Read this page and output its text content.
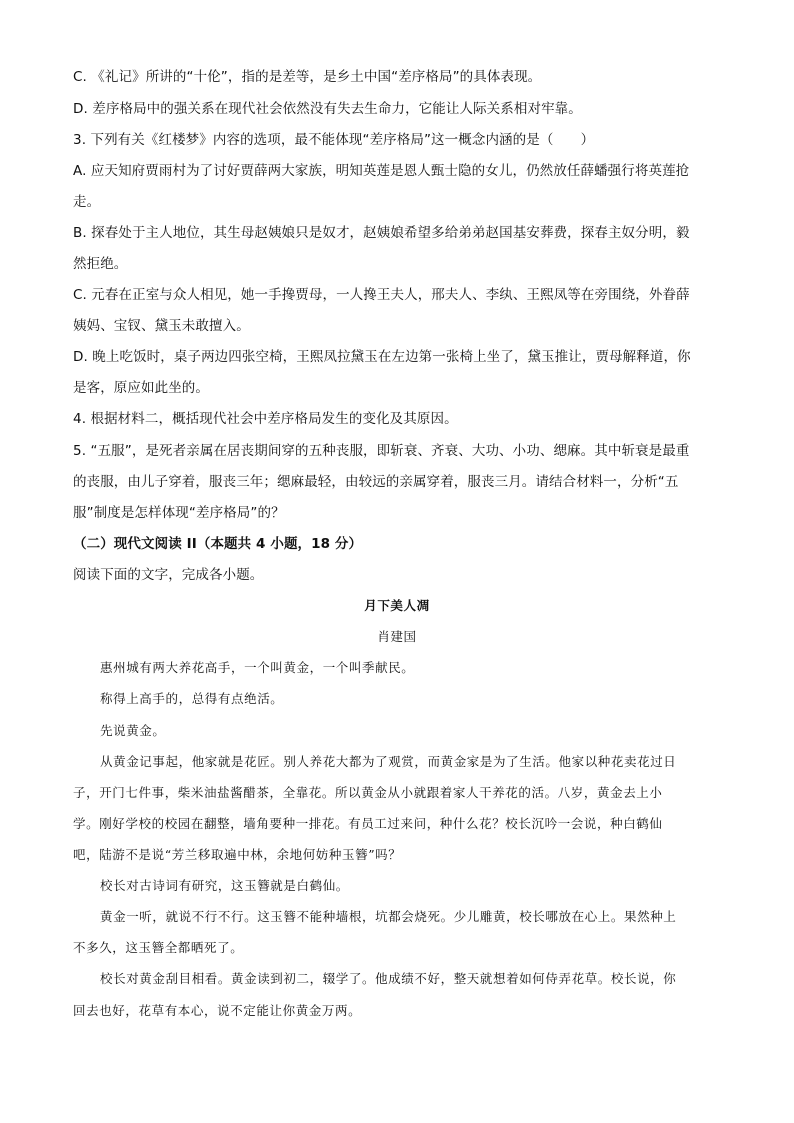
C. 《礼记》所讲的“十伦”，指的是差等，是乡土中国“差序格局”的具体表现。
D. 差序格局中的强关系在现代社会依然没有失去生命力，它能让人际关系相对牢靠。
3. 下列有关《红楼梦》内容的选项，最不能体现“差序格局”这一概念内涵的是（　　）
A. 应天知府贾雨村为了讨好贾薛两大家族，明知英莲是恩人甄士隐的女儿，仍然放任薛蟠强行将英莲抢
走。
B. 探春处于主人地位，其生母赵姨娘只是奴才，赵姨娘希望多给弟弟赵国基安葬费，探春主奴分明，毅
然拒绝。
C. 元春在正室与众人相见，她一手搀贾母，一人搀王夫人，邢夫人、李纨、王熙凤等在旁围绕，外眷薛
姨妈、宝钗、黛玉未敢擅入。
D. 晚上吃饭时，桌子两边四张空椅，王熙凤拉黛玉在左边第一张椅上坐了，黛玉推让，贾母解释道，你
是客，原应如此坐的。
4. 根据材料二，概括现代社会中差序格局发生的变化及其原因。
5. “五服”，是死者亲属在居丧期间穿的五种丧服，即斩衰、齐衰、大功、小功、缌麻。其中斩衰是最重
的丧服，由儿子穿着，服丧三年；缌麻最轻，由较远的亲属穿着，服丧三月。请结合材料一，分析“五
服”制度是怎样体现“差序格局”的？
（二）现代文阅读 II（本题共 4 小题，18 分）
阅读下面的文字，完成各小题。
月下美人凋
肖建国
惠州城有两大养花高手，一个叫黄金，一个叫季献民。
称得上高手的，总得有点绝活。
先说黄金。
从黄金记事起，他家就是花匠。别人养花大都为了观赏，而黄金家是为了生活。他家以种花卖花过日
子，开门七件事，柴米油盐酱醋茶，全靠花。所以黄金从小就跟着家人干养花的活。八岁，黄金去上小
学。刚好学校的校园在翻整，墙角要种一排花。有员工过来问，种什么花？校长沉吟一会说，种白鹤仙
吧，陆游不是说“芳兰移取遍中林，余地何妨种玉簪”吗？
校长对古诗词有研究，这玉簪就是白鹤仙。
黄金一听，就说不行不行。这玉簪不能种墙根，坑都会烧死。少儿雕黄，校长哪放在心上。果然种上
不多久，这玉簪全都晒死了。
校长对黄金刮目相看。黄金读到初二，辍学了。他成绩不好，整天就想着如何侍弄花草。校长说，你
回去也好，花草有本心，说不定能让你黄金万两。
